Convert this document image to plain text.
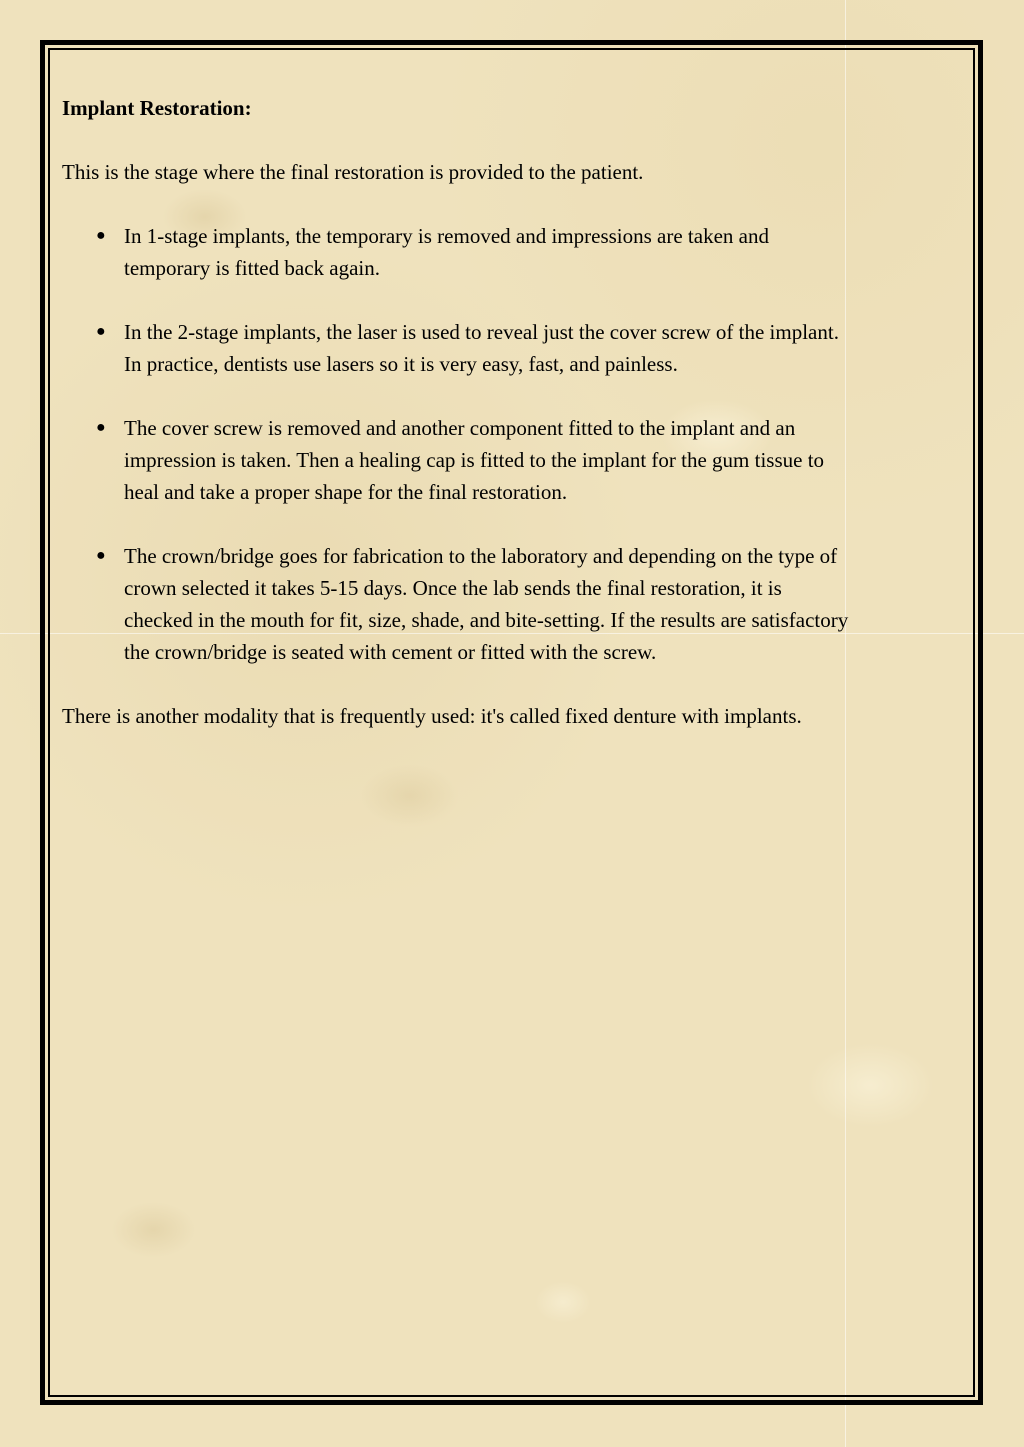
Implant Restoration:

This is the stage where the final restoration is provided to the patient.

● In 1-stage implants, the temporary is removed and impressions are taken and
temporary is fitted back again.
● In the 2-stage implants, the laser is used to reveal just the cover screw of the implant.
In practice, dentists use lasers so it is very easy, fast, and painless.
● The cover screw is removed and another component fitted to the implant and an
impression is taken. Then a healing cap is fitted to the implant for the gum tissue to
heal and take a proper shape for the final restoration.
● The crown/bridge goes for fabrication to the laboratory and depending on the type of
crown selected it takes 5-15 days. Once the lab sends the final restoration, it is
checked in the mouth for fit, size, shade, and bite-setting. If the results are satisfactory
the crown/bridge is seated with cement or fitted with the screw.

There is another modality that is frequently used: it's called fixed denture with implants.
